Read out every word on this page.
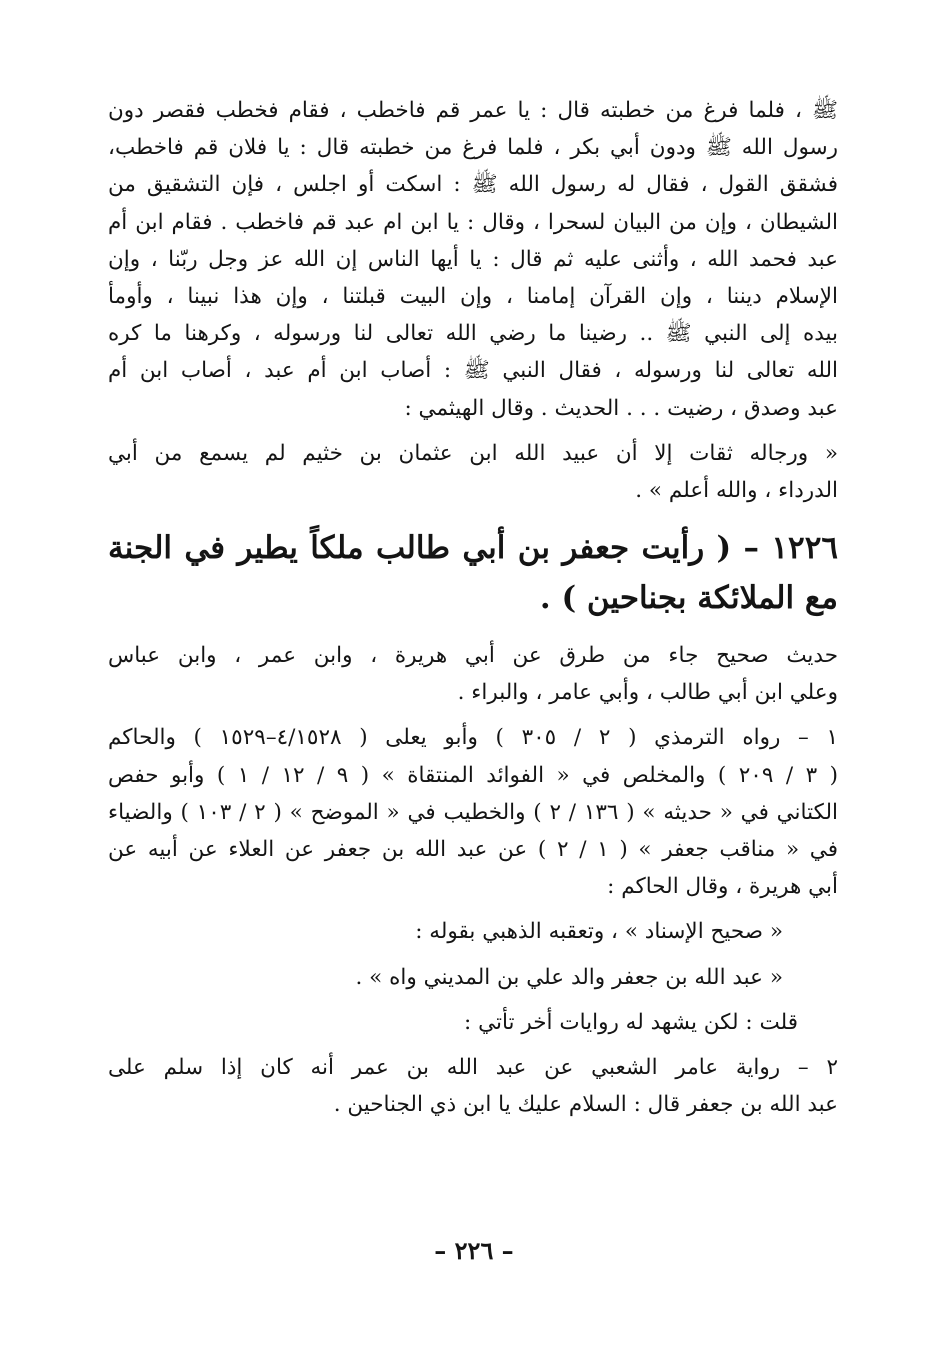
ﷺ ، فلما فرغ من خطبته قال : يا عمر قم فاخطب ، فقام فخطب فقصر دون
رسول الله ﷺ ودون أبي بكر ، فلما فرغ من خطبته قال : يا فلان قم فاخطب،
فشقق القول ، فقال له رسول الله ﷺ : اسكت أو اجلس ، فإن التشقيق من
الشيطان ، وإن من البيان لسحرا ، وقال : يا ابن ام عبد قم فاخطب . فقام ابن أم
عبد فحمد الله ، وأثنى عليه ثم قال : يا أيها الناس إن الله عز وجل ربّنا ، وإن
الإسلام ديننا ، وإن القرآن إمامنا ، وإن البيت قبلتنا ، وإن هذا نبينا ، وأومأ
بيده إلى النبي ﷺ .. رضينا ما رضي الله تعالى لنا ورسوله ، وكرهنا ما كره
الله تعالى لنا ورسوله ، فقال النبي ﷺ : أصاب ابن أم عبد ، أصاب ابن أم
عبد وصدق ، رضيت . . . الحديث . وقال الهيثمي :
« ورجاله ثقات إلا أن عبيد الله ابن عثمان بن خثيم لم يسمع من أبي
الدرداء ، والله أعلم » .
١٢٢٦ – ( رأيت جعفر بن أبي طالب ملكاً يطير في الجنة
مع الملائكة بجناحين ) .
حديث صحيح جاء من طرق عن أبي هريرة ، وابن عمر ، وابن عباس
وعلي ابن أبي طالب ، وأبي عامر ، والبراء .
١ – رواه الترمذي ( ٢ / ٣٠٥ ) وأبو يعلى ( ٤/١٥٢٨–١٥٢٩ ) والحاكم
( ٣ / ٢٠٩ ) والمخلص في « الفوائد المنتقاة » ( ٩ / ١٢ / ١ ) وأبو حفص
الكتاني في « حديثه » ( ١٣٦ / ٢ ) والخطيب في « الموضح » ( ٢ / ١٠٣ ) والضياء
في « مناقب جعفر » ( ١ / ٢ ) عن عبد الله بن جعفر عن العلاء عن أبيه عن
أبي هريرة ، وقال الحاكم :
« صحيح الإسناد » ، وتعقبه الذهبي بقوله :
« عبد الله بن جعفر والد علي بن المديني واه » .
قلت : لكن يشهد له روايات أخر تأتي :
٢ – رواية عامر الشعبي عن عبد الله بن عمر أنه كان إذا سلم على
عبد الله بن جعفر قال : السلام عليك يا ابن ذي الجناحين .
– ٢٢٦ –
